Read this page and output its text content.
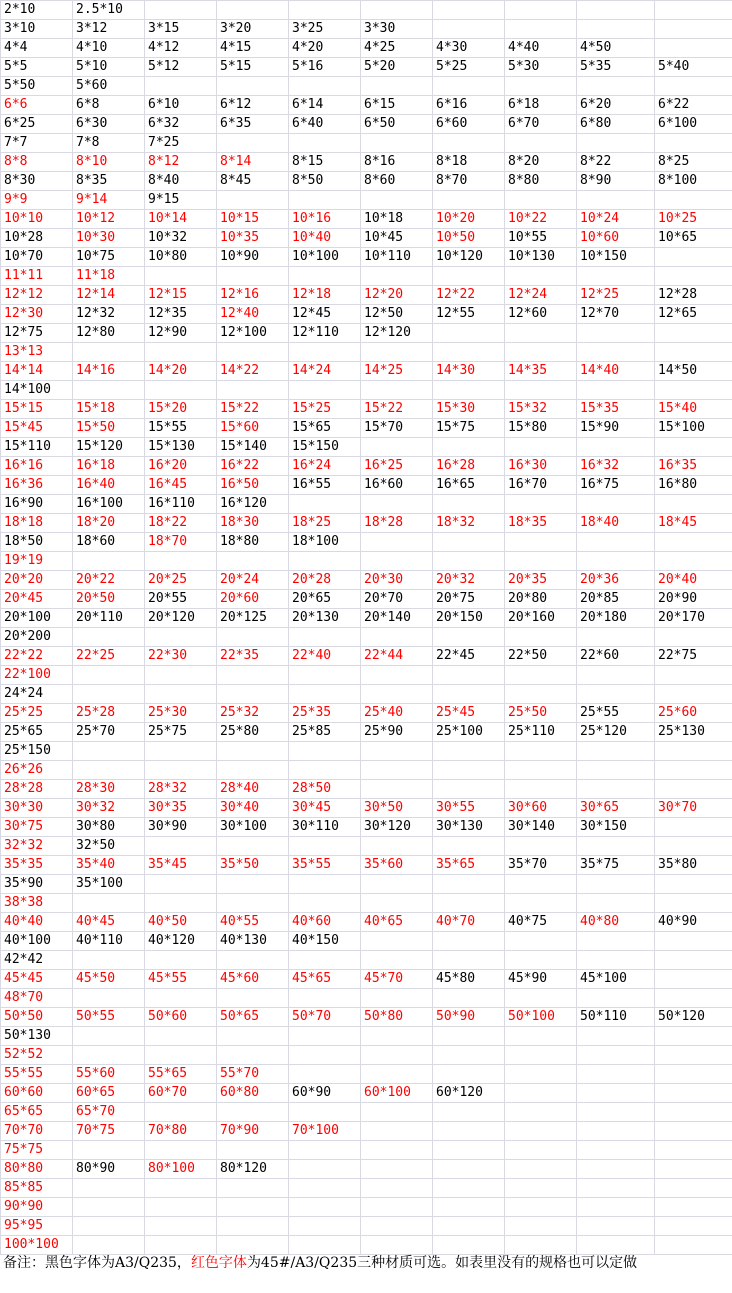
2*10	2.5*10								
3*10	3*12	3*15	3*20	3*25	3*30				
4*4	4*10	4*12	4*15	4*20	4*25	4*30	4*40	4*50	
5*5	5*10	5*12	5*15	5*16	5*20	5*25	5*30	5*35	5*40
5*50	5*60								
6*6	6*8	6*10	6*12	6*14	6*15	6*16	6*18	6*20	6*22
6*25	6*30	6*32	6*35	6*40	6*50	6*60	6*70	6*80	6*100
7*7	7*8	7*25							
8*8	8*10	8*12	8*14	8*15	8*16	8*18	8*20	8*22	8*25
8*30	8*35	8*40	8*45	8*50	8*60	8*70	8*80	8*90	8*100
9*9	9*14	9*15							
10*10	10*12	10*14	10*15	10*16	10*18	10*20	10*22	10*24	10*25
10*28	10*30	10*32	10*35	10*40	10*45	10*50	10*55	10*60	10*65
10*70	10*75	10*80	10*90	10*100	10*110	10*120	10*130	10*150	
11*11	11*18								
12*12	12*14	12*15	12*16	12*18	12*20	12*22	12*24	12*25	12*28
12*30	12*32	12*35	12*40	12*45	12*50	12*55	12*60	12*70	12*65
12*75	12*80	12*90	12*100	12*110	12*120				
13*13									
14*14	14*16	14*20	14*22	14*24	14*25	14*30	14*35	14*40	14*50
14*100									
15*15	15*18	15*20	15*22	15*25	15*22	15*30	15*32	15*35	15*40
15*45	15*50	15*55	15*60	15*65	15*70	15*75	15*80	15*90	15*100
15*110	15*120	15*130	15*140	15*150					
16*16	16*18	16*20	16*22	16*24	16*25	16*28	16*30	16*32	16*35
16*36	16*40	16*45	16*50	16*55	16*60	16*65	16*70	16*75	16*80
16*90	16*100	16*110	16*120						
18*18	18*20	18*22	18*30	18*25	18*28	18*32	18*35	18*40	18*45
18*50	18*60	18*70	18*80	18*100					
19*19									
20*20	20*22	20*25	20*24	20*28	20*30	20*32	20*35	20*36	20*40
20*45	20*50	20*55	20*60	20*65	20*70	20*75	20*80	20*85	20*90
20*100	20*110	20*120	20*125	20*130	20*140	20*150	20*160	20*180	20*170
20*200									
22*22	22*25	22*30	22*35	22*40	22*44	22*45	22*50	22*60	22*75
22*100									
24*24									
25*25	25*28	25*30	25*32	25*35	25*40	25*45	25*50	25*55	25*60
25*65	25*70	25*75	25*80	25*85	25*90	25*100	25*110	25*120	25*130
25*150									
26*26									
28*28	28*30	28*32	28*40	28*50					
30*30	30*32	30*35	30*40	30*45	30*50	30*55	30*60	30*65	30*70
30*75	30*80	30*90	30*100	30*110	30*120	30*130	30*140	30*150	
32*32	32*50								
35*35	35*40	35*45	35*50	35*55	35*60	35*65	35*70	35*75	35*80
35*90	35*100								
38*38									
40*40	40*45	40*50	40*55	40*60	40*65	40*70	40*75	40*80	40*90
40*100	40*110	40*120	40*130	40*150					
42*42									
45*45	45*50	45*55	45*60	45*65	45*70	45*80	45*90	45*100	
48*70									
50*50	50*55	50*60	50*65	50*70	50*80	50*90	50*100	50*110	50*120
50*130									
52*52									
55*55	55*60	55*65	55*70						
60*60	60*65	60*70	60*80	60*90	60*100	60*120			
65*65	65*70								
70*70	70*75	70*80	70*90	70*100					
75*75									
80*80	80*90	80*100	80*120						
85*85									
90*90									
95*95									
100*100									
备注：黑色字体为A3/Q235，红色字体为45#/A3/Q235三种材质可选。如表里没有的规格也可以定做
